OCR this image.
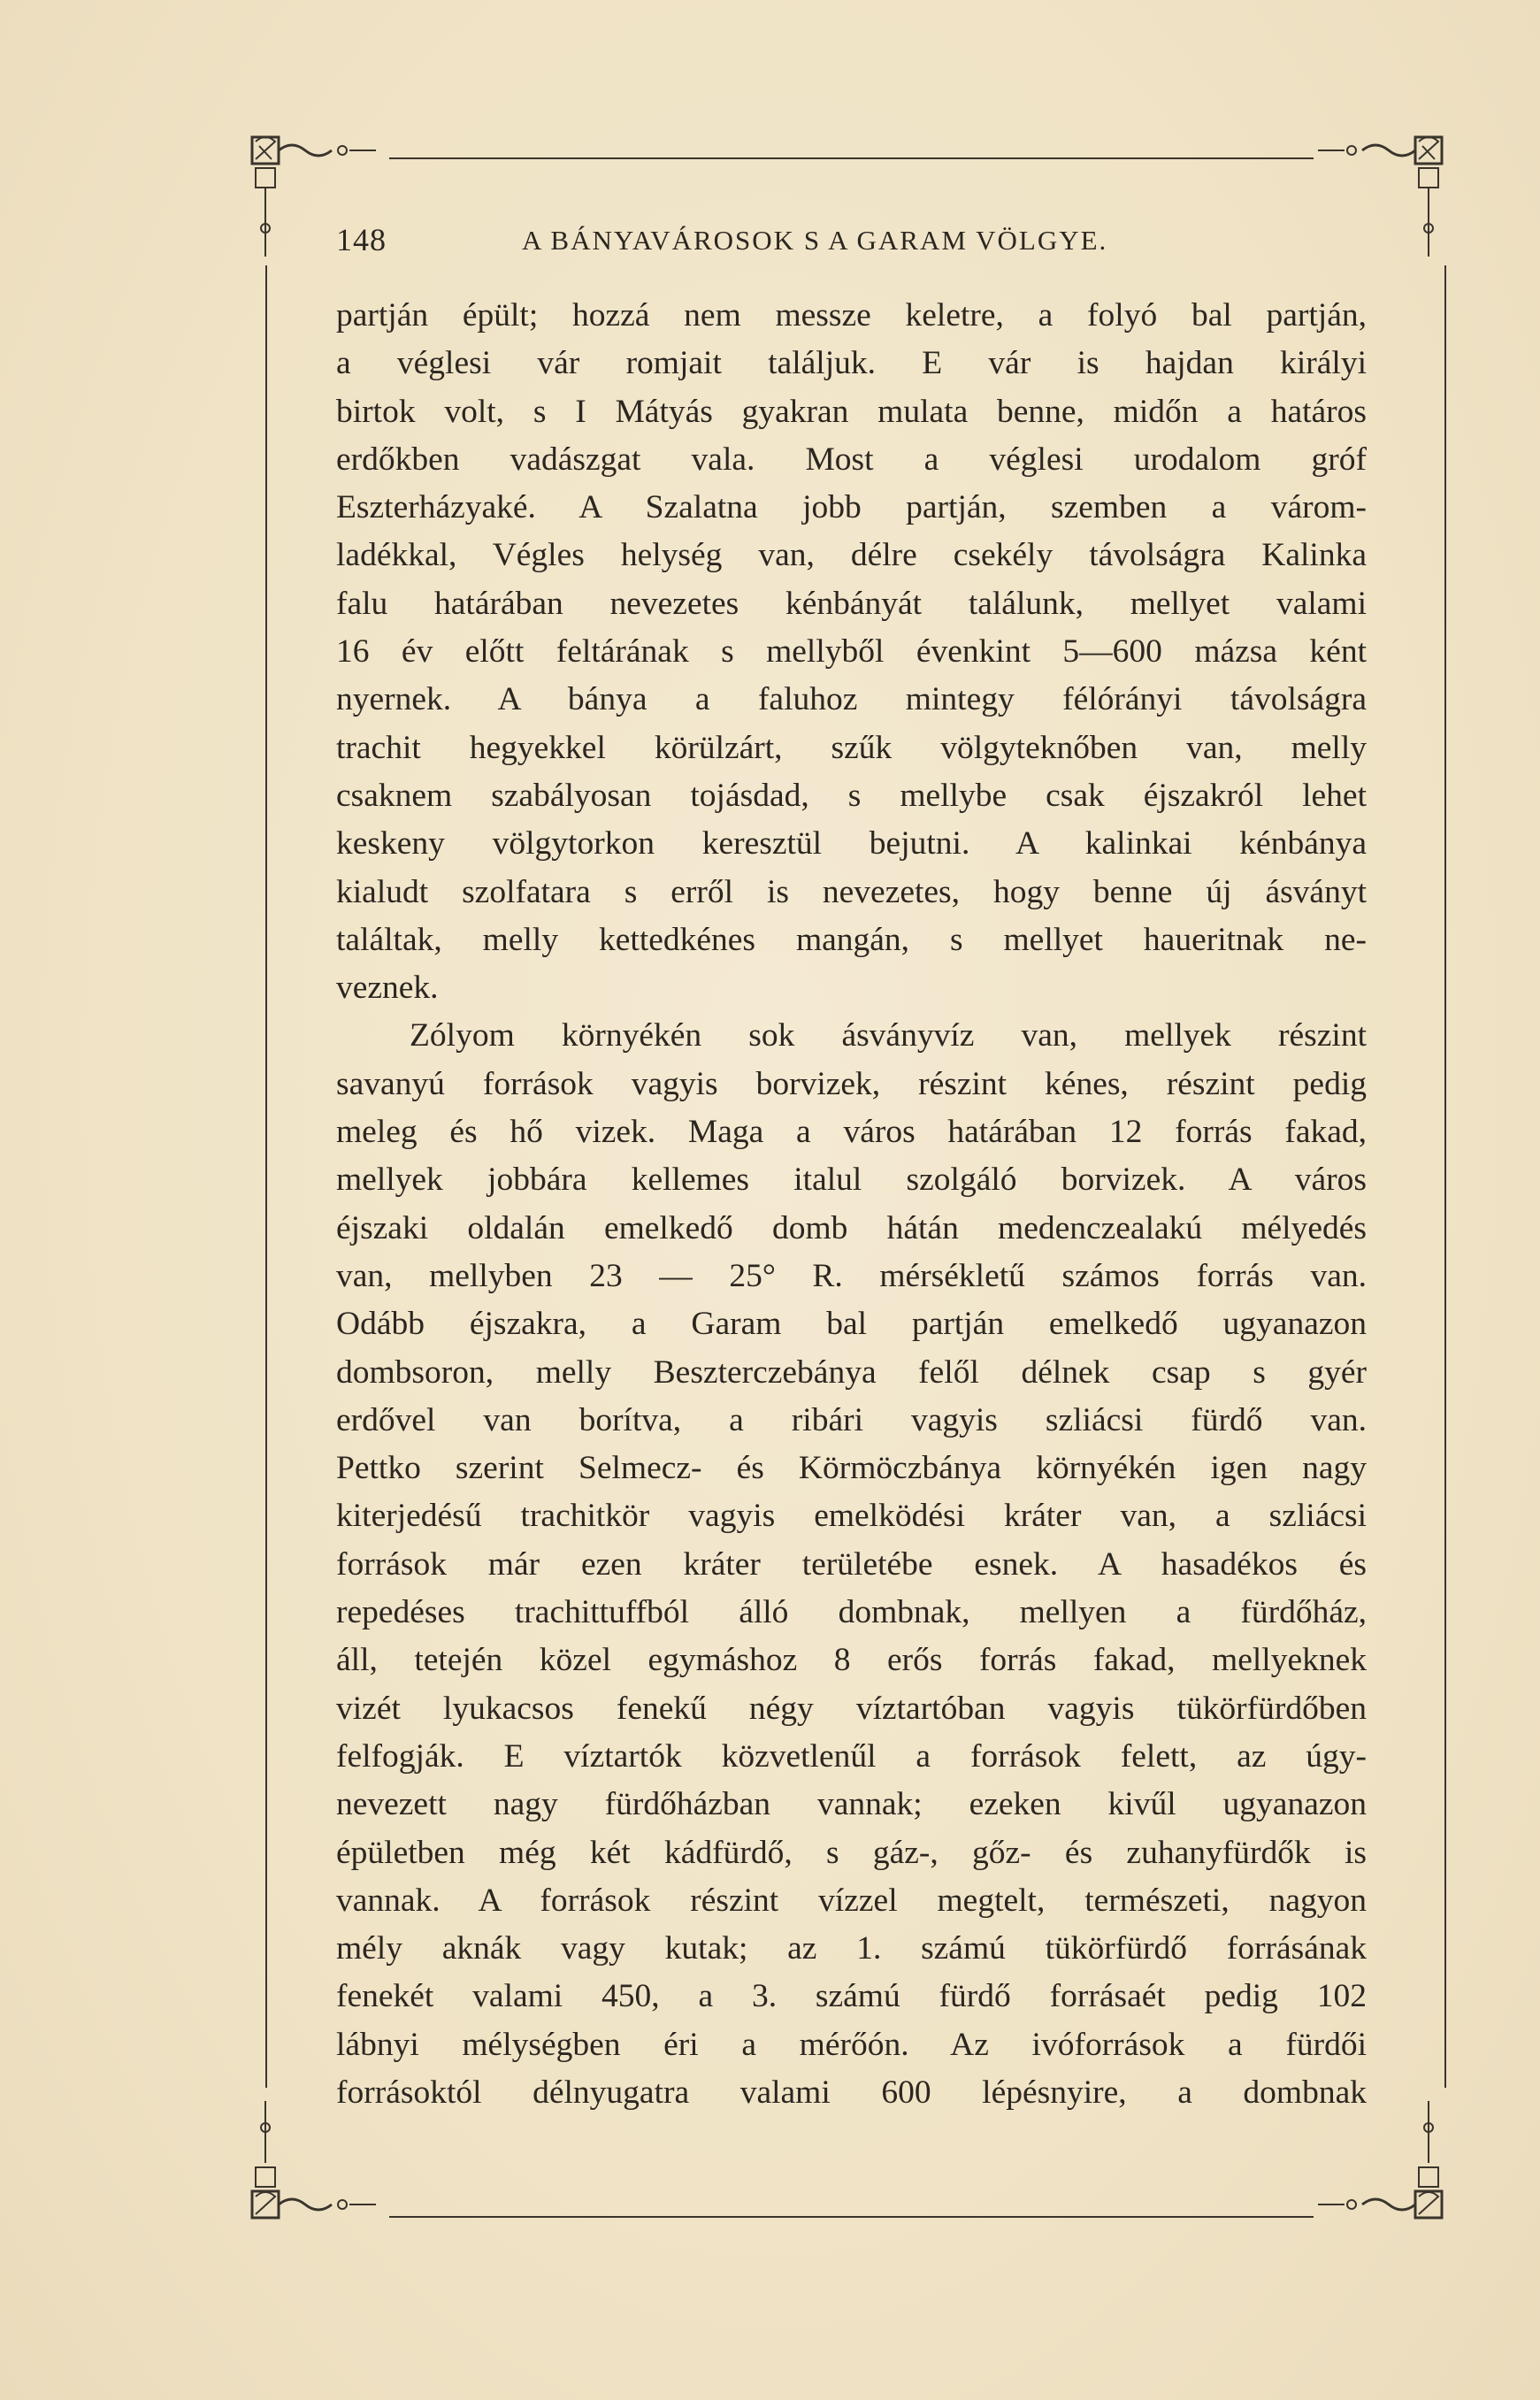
148	A BÁNYAVÁROSOK S A GARAM VÖLGYE.
partján épült; hozzá nem messze keletre, a folyó bal partján,
a véglesi vár romjait találjuk. E vár is hajdan királyi
birtok volt, s I Mátyás gyakran mulata benne, midőn a határos
erdőkben vadászgat vala. Most a véglesi urodalom gróf
Eszterházyaké. A Szalatna jobb partján, szemben a várom-
ladékkal, Végles helység van, délre csekély távolságra Kalinka
falu határában nevezetes kénbányát találunk, mellyet valami
16 év előtt feltárának s mellyből évenkint 5—600 mázsa ként
nyernek. A bánya a faluhoz mintegy félórányi távolságra
trachit hegyekkel körülzárt, szűk völgyteknőben van, melly
csaknem szabályosan tojásdad, s mellybe csak éjszakról lehet
keskeny völgytorkon keresztül bejutni. A kalinkai kénbánya
kialudt szolfatara s erről is nevezetes, hogy benne új ásványt
találtak, melly kettedkénes mangán, s mellyet haueritnak ne-
veznek.
Zólyom környékén sok ásványvíz van, mellyek részint
savanyú források vagyis borvizek, részint kénes, részint pedig
meleg és hő vizek. Maga a város határában 12 forrás fakad,
mellyek jobbára kellemes italul szolgáló borvizek. A város
éjszaki oldalán emelkedő domb hátán medenczealakú mélyedés
van, mellyben 23 — 25° R. mérsékletű számos forrás van.
Odább éjszakra, a Garam bal partján emelkedő ugyanazon
dombsoron, melly Beszterczebánya felől délnek csap s gyér
erdővel van borítva, a ribári vagyis szliácsi fürdő van.
Pettko szerint Selmecz- és Körmöczbánya környékén igen nagy
kiterjedésű trachitkör vagyis emelködési kráter van, a szliácsi
források már ezen kráter területébe esnek. A hasadékos és
repedéses trachittuffból álló dombnak, mellyen a fürdőház,
áll, tetején közel egymáshoz 8 erős forrás fakad, mellyeknek
vizét lyukacsos fenekű négy víztartóban vagyis tükörfürdőben
felfogják. E víztartók közvetlenűl a források felett, az úgy-
nevezett nagy fürdőházban vannak; ezeken kivűl ugyanazon
épületben még két kádfürdő, s gáz-, gőz- és zuhanyfürdők is
vannak. A források részint vízzel megtelt, természeti, nagyon
mély aknák vagy kutak; az 1. számú tükörfürdő forrásának
fenekét valami 450, a 3. számú fürdő forrásaét pedig 102
lábnyi mélységben éri a mérőón. Az ivóforrások a fürdői
forrásoktól délnyugatra valami 600 lépésnyire, a dombnak
